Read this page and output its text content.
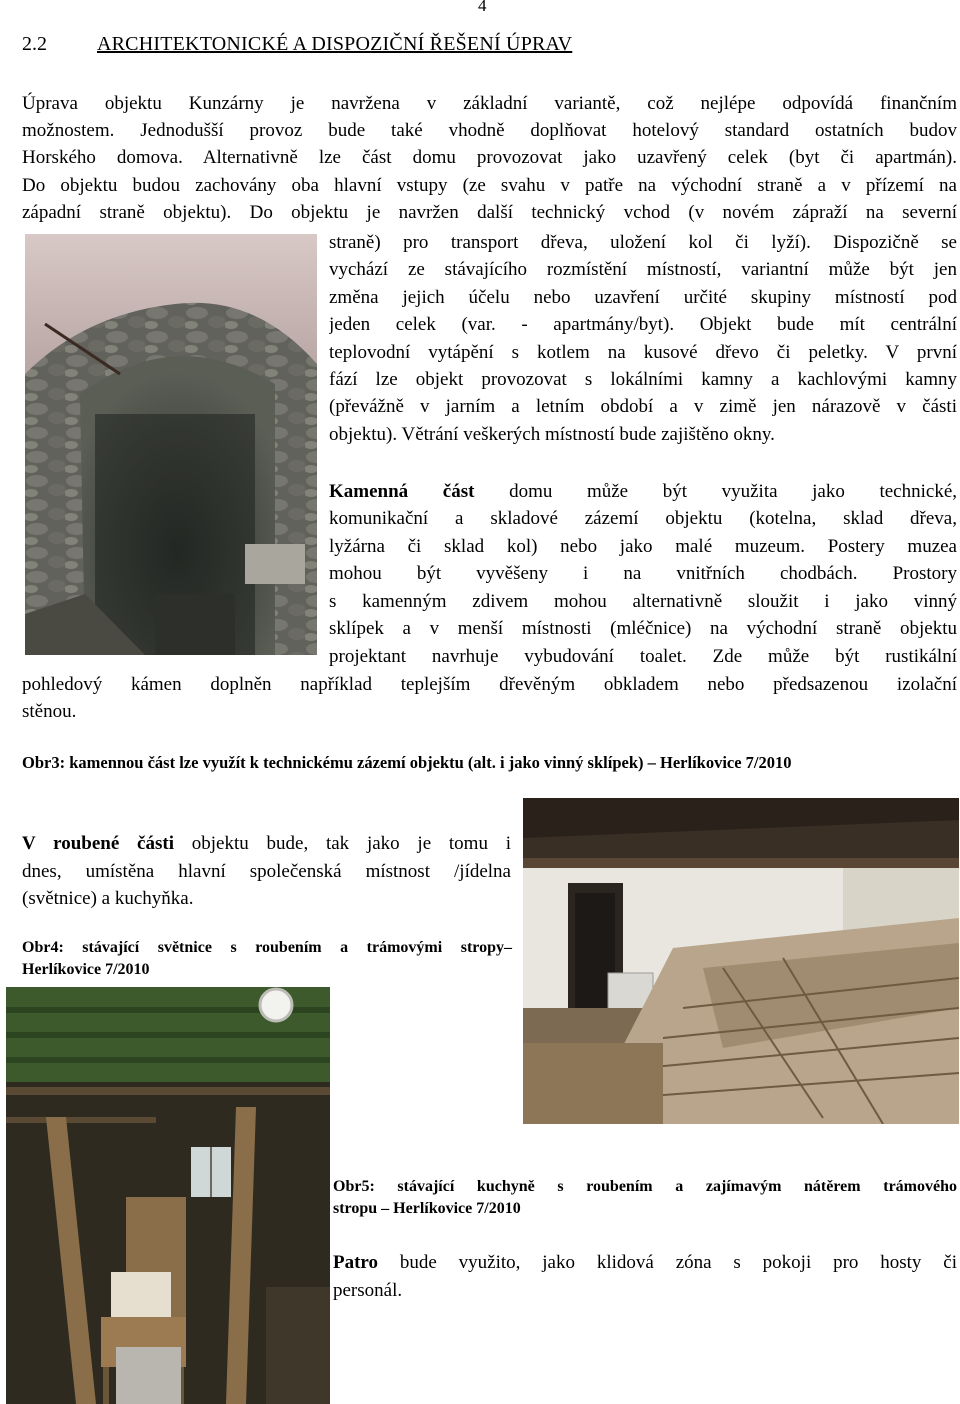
4
2.2	ARCHITEKTONICKÉ A DISPOZIČNÍ ŘEŠENÍ ÚPRAV
Úprava objektu Kunzárny je navržena v základní variantě, což nejlépe odpovídá finančním
možnostem. Jednodušší provoz bude také vhodně doplňovat hotelový standard ostatních budov
Horského domova. Alternativně lze část domu provozovat jako uzavřený celek (byt či apartmán).
Do objektu budou zachovány oba hlavní vstupy (ze svahu v patře na východní straně a v přízemí na
západní straně objektu). Do objektu je navržen další technický vchod (v novém zápraží na severní
straně) pro transport dřeva, uložení kol či lyží). Dispozičně se
vychází ze stávajícího rozmístění místností, variantní může být jen
změna jejich účelu nebo uzavření určité skupiny místností pod
jeden celek (var. - apartmány/byt). Objekt bude mít centrální
teplovodní vytápění s kotlem na kusové dřevo či peletky. V první
fází lze objekt provozovat s lokálními kamny a kachlovými kamny
(převážně v jarním a letním období a v zimě jen nárazově v části
objektu). Větrání veškerých místností bude zajištěno okny.
Kamenná část domu může být využita jako technické,
komunikační a skladové zázemí objektu (kotelna, sklad dřeva,
lyžárna či sklad kol) nebo jako malé muzeum. Postery muzea
mohou být vyvěšeny i na vnitřních chodbách. Prostory
s kamenným zdivem mohou alternativně sloužit i jako vinný
sklípek a v menší místnosti (mléčnice) na východní straně objektu
projektant navrhuje vybudování toalet. Zde může být rustikální
pohledový kámen doplněn například teplejším dřevěným obkladem nebo předsazenou izolační
stěnou.
Obr3: kamennou část lze využít k technickému zázemí objektu (alt. i jako vinný sklípek) – Herlíkovice 7/2010
V roubené části objektu bude, tak jako je tomu i
dnes, umístěna hlavní společenská místnost /jídelna
(světnice) a kuchyňka.
Obr4: stávající světnice s roubením a trámovými stropy–
Herlíkovice 7/2010
Obr5: stávající kuchyně s roubením a zajímavým nátěrem trámového
stropu – Herlíkovice 7/2010
Patro bude využito, jako klidová zóna s pokoji pro hosty či
personál.
